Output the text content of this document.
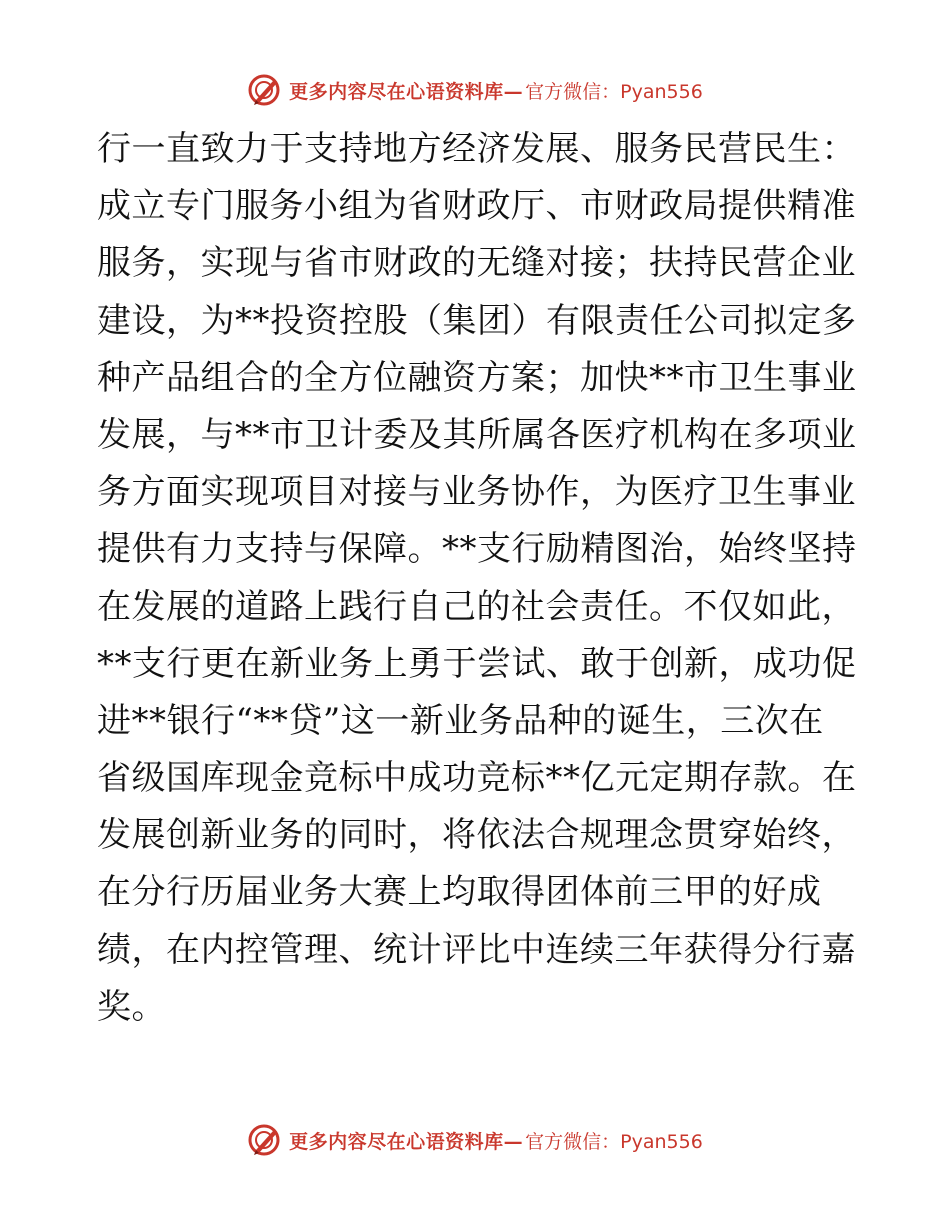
更多内容尽在心语资料库— 官方微信：Pyan556
行一直致力于支持地方经济发展、服务民营民生：
成立专门服务小组为省财政厅、市财政局提供精准
服务，实现与省市财政的无缝对接；扶持民营企业
建设，为**投资控股（集团）有限责任公司拟定多
种产品组合的全方位融资方案；加快**市卫生事业
发展，与**市卫计委及其所属各医疗机构在多项业
务方面实现项目对接与业务协作，为医疗卫生事业
提供有力支持与保障。**支行励精图治，始终坚持
在发展的道路上践行自己的社会责任。不仅如此，
**支行更在新业务上勇于尝试、敢于创新，成功促
进**银行“**贷”这一新业务品种的诞生，三次在
省级国库现金竞标中成功竞标**亿元定期存款。在
发展创新业务的同时，将依法合规理念贯穿始终，
在分行历届业务大赛上均取得团体前三甲的好成
绩，在内控管理、统计评比中连续三年获得分行嘉
奖。
更多内容尽在心语资料库— 官方微信：Pyan556
